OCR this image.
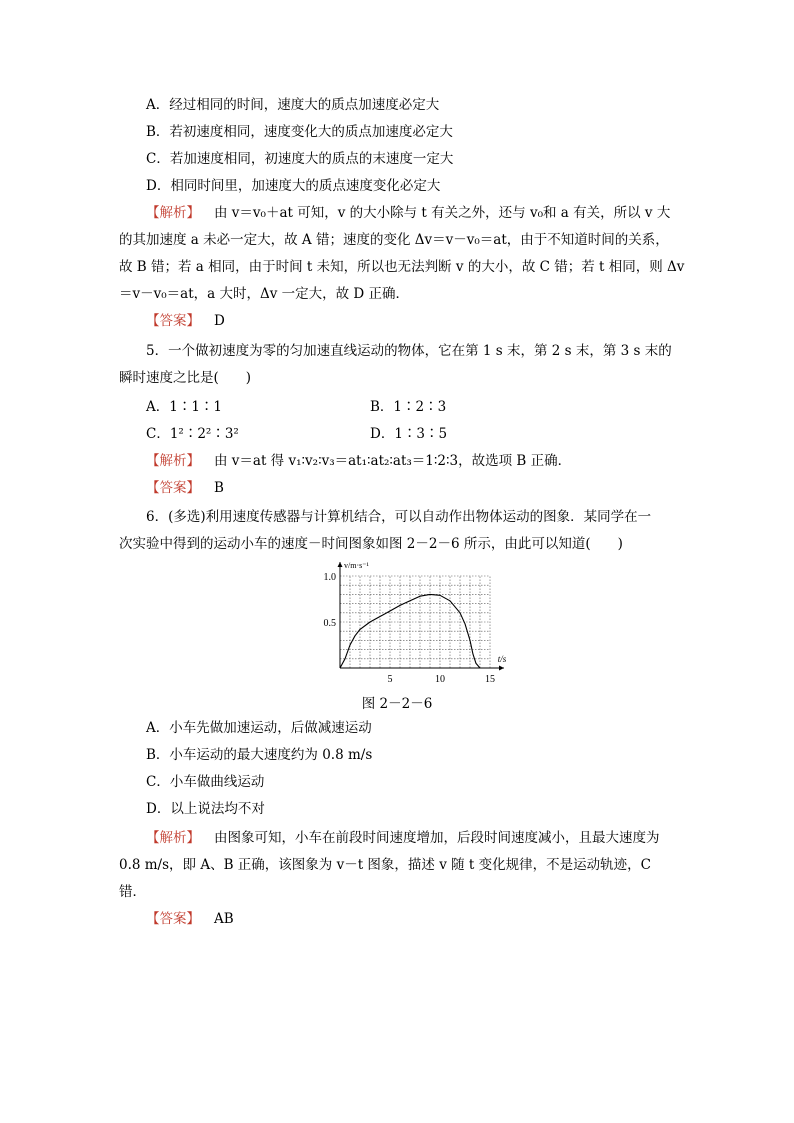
A．经过相同的时间，速度大的质点加速度必定大
B．若初速度相同，速度变化大的质点加速度必定大
C．若加速度相同，初速度大的质点的末速度一定大
D．相同时间里，加速度大的质点速度变化必定大
【解析】 由 v＝v₀＋at 可知，v 的大小除与 t 有关之外，还与 v₀和 a 有关，所以 v 大
的其加速度 a 未必一定大，故 A 错；速度的变化 Δv＝v－v₀＝at，由于不知道时间的关系，
故 B 错；若 a 相同，由于时间 t 未知，所以也无法判断 v 的大小，故 C 错；若 t 相同，则 Δv
＝v－v₀＝at，a 大时，Δv 一定大，故 D 正确．
【答案】 D
5．一个做初速度为零的匀加速直线运动的物体，它在第 1 s 末，第 2 s 末，第 3 s 末的
瞬时速度之比是(　　)
A．1∶1∶1	B．1∶2∶3
C．1²∶2²∶3²	D．1∶3∶5
【解析】 由 v＝at 得 v₁∶v₂∶v₃＝at₁∶at₂∶at₃＝1∶2∶3，故选项 B 正确．
【答案】 B
6．(多选)利用速度传感器与计算机结合，可以自动作出物体运动的图象．某同学在一
次实验中得到的运动小车的速度－时间图象如图 2－2－6 所示，由此可以知道(　　)
5	10	15
0.5
1.0
t/s
v/m·s⁻¹
图 2－2－6
A．小车先做加速运动，后做减速运动
B．小车运动的最大速度约为 0.8 m/s
C．小车做曲线运动
D．以上说法均不对
【解析】 由图象可知，小车在前段时间速度增加，后段时间速度减小，且最大速度为
0.8 m/s，即 A、B 正确，该图象为 v－t 图象，描述 v 随 t 变化规律，不是运动轨迹，C
错．
【答案】 AB
